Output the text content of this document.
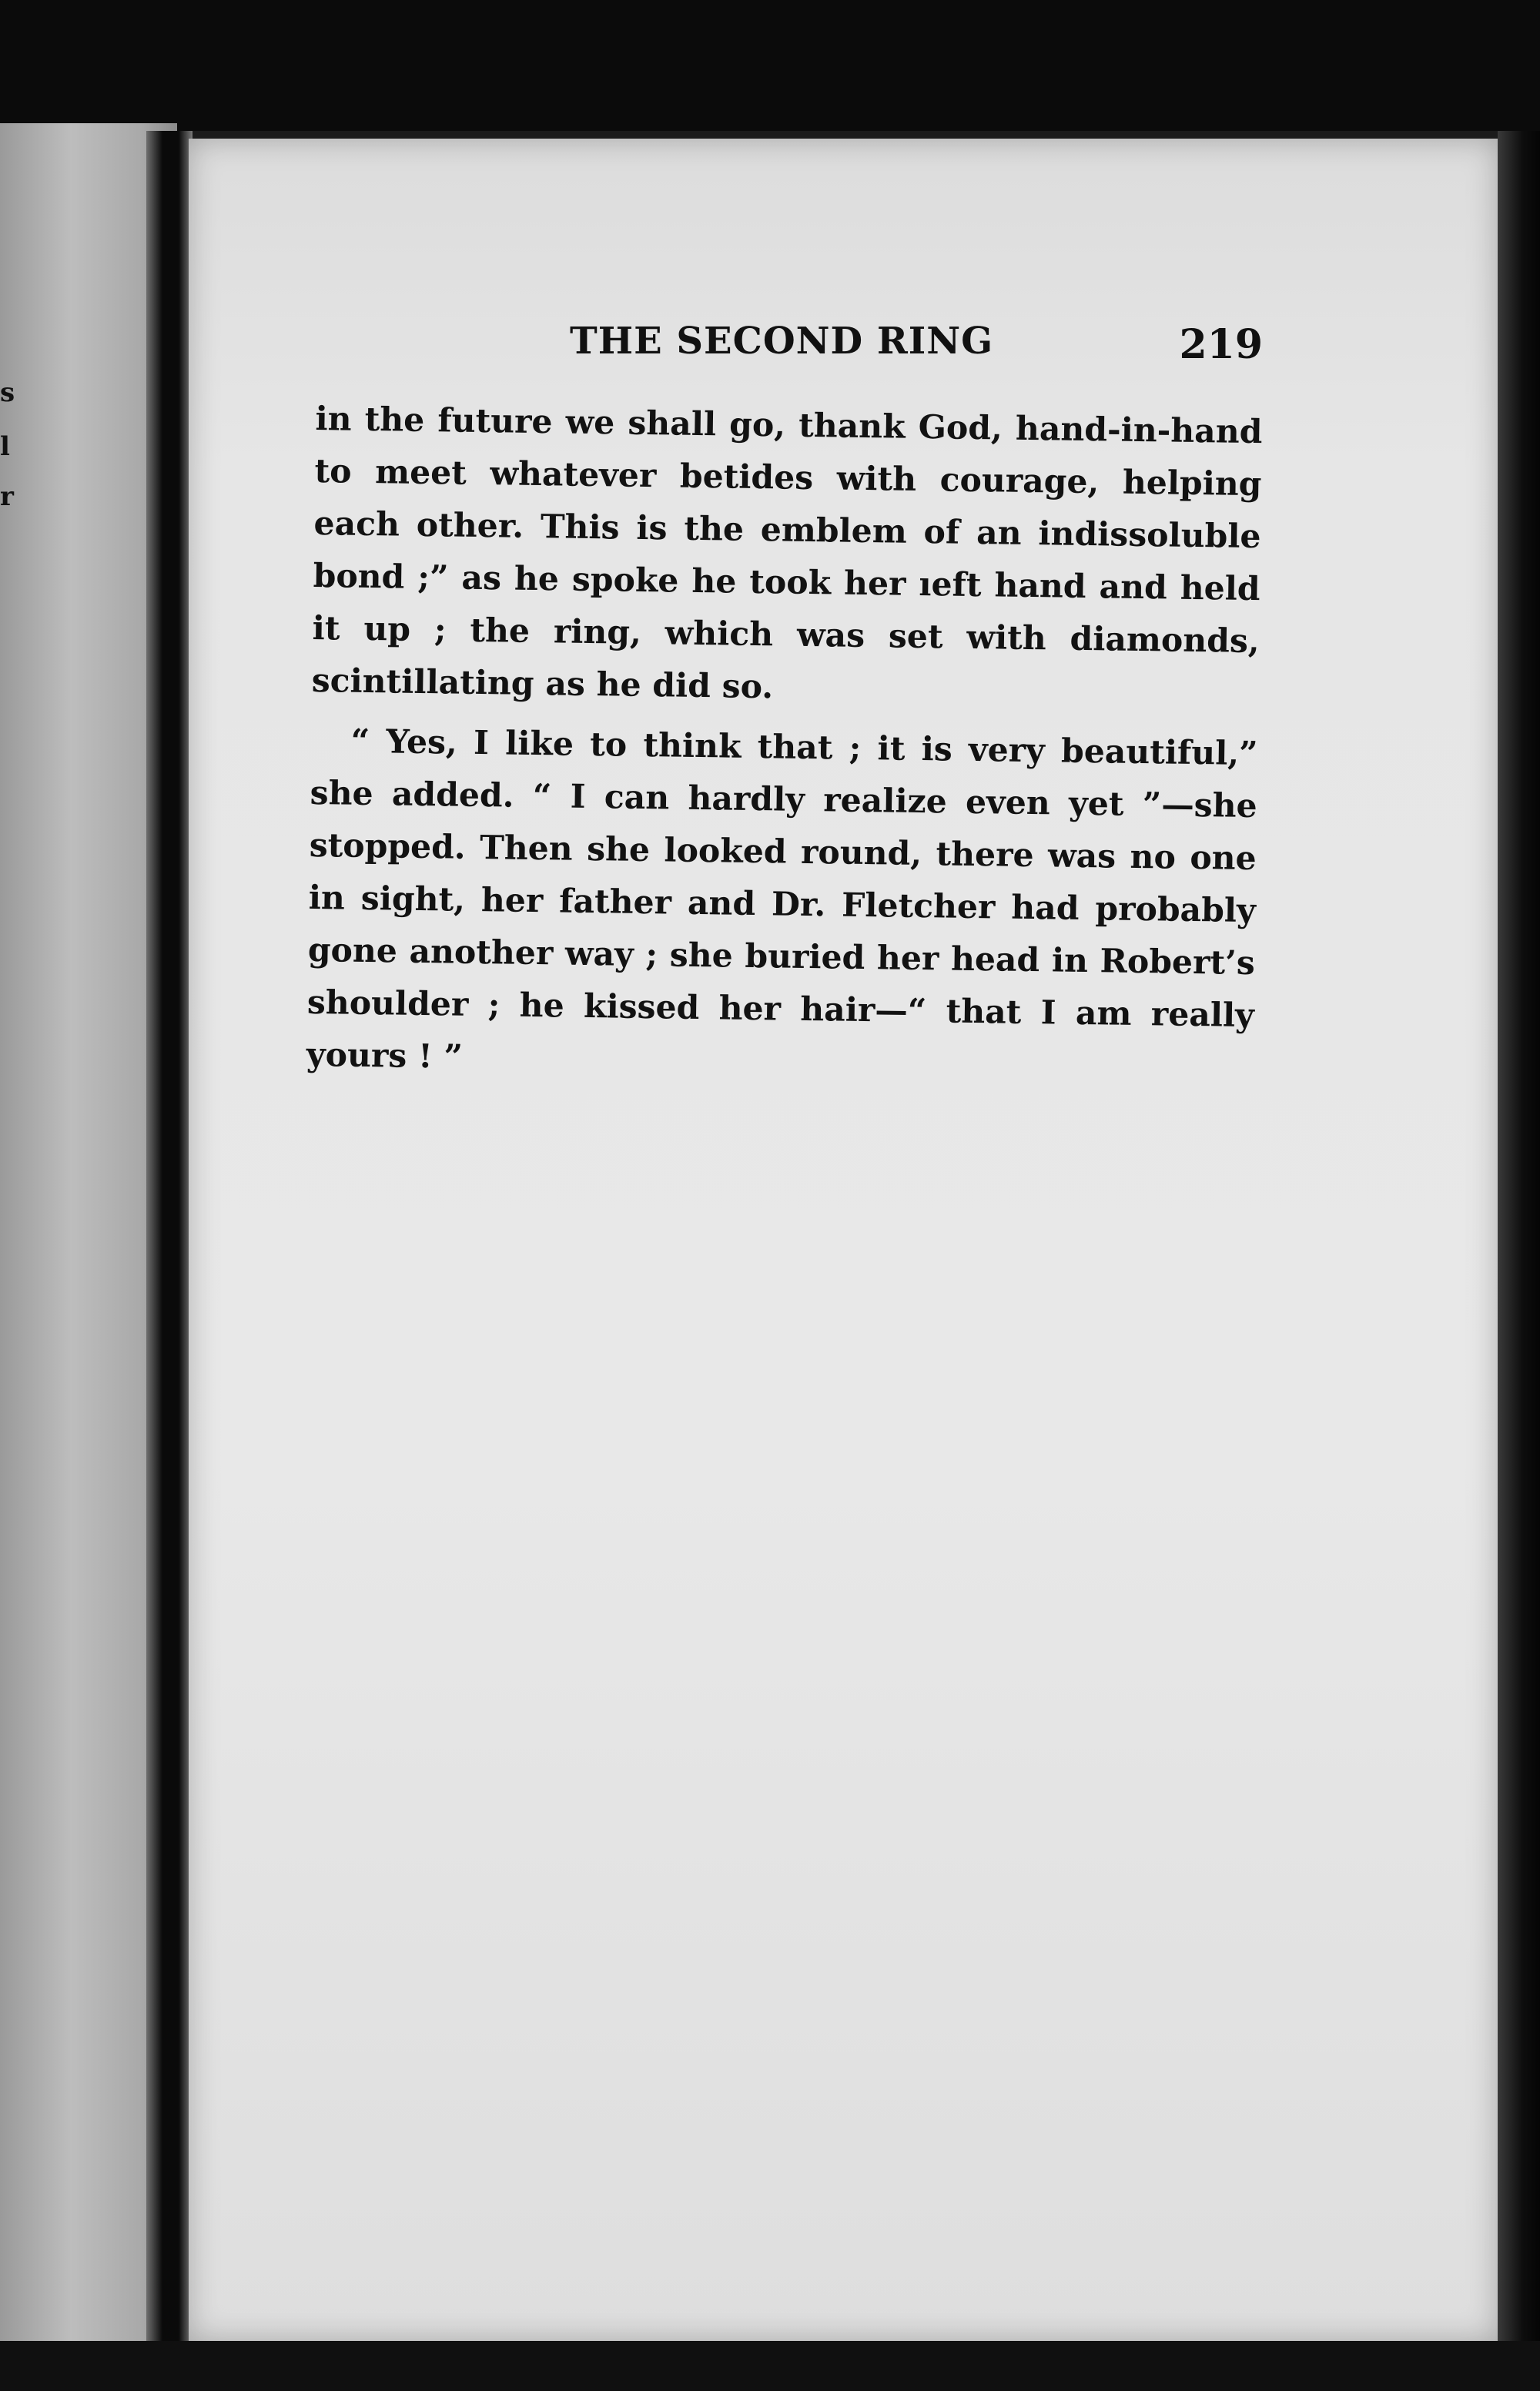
s
l
r
THE SECOND RING	219

in the future we shall go, thank God, hand-in-hand to meet whatever betides with courage, helping each other. This is the emblem of an indissoluble bond ;” as he spoke he took her ıeft hand and held it up ; the ring, which was set with diamonds, scintillating as he did so.

“ Yes, I like to think that ; it is very beautiful,” she added. “ I can hardly realize even yet ”—she stopped. Then she looked round, there was no one in sight, her father and Dr. Fletcher had probably gone another way ; she buried her head in Robert’s shoulder ; he kissed her hair—“ that I am really yours ! ”
